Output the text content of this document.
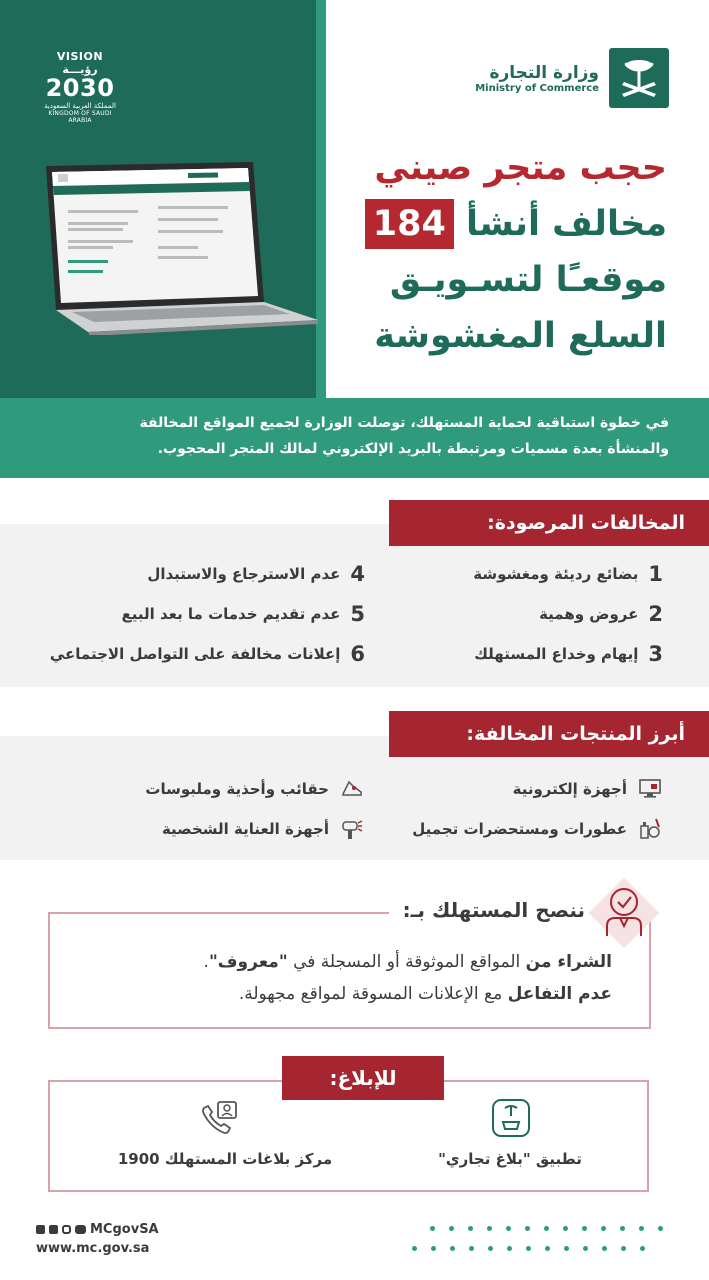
VISION رؤيـــة
2030
المملكة العربية السعودية
KINGDOM OF SAUDI ARABIA
وزارة التجارة
Ministry of Commerce
حجب متجر صيني
مخالف أنشأ 184
موقعـًا لتسـويـق
السلع المغشوشة
في خطوة استباقية لحماية المستهلك، توصلت الوزارة لجميع المواقع المخالفة
والمنشأة بعدة مسميات ومرتبطة بالبريد الإلكتروني لمالك المتجر المحجوب.
المخالفات المرصودة:
1
بضائع رديئة ومغشوشة
2
عروض وهمية
3
إيهام وخداع المستهلك
4
عدم الاسترجاع والاستبدال
5
عدم تقديم خدمات ما بعد البيع
6
إعلانات مخالفة على التواصل الاجتماعي
أبرز المنتجات المخالفة:
أجهزة إلكترونية
عطورات ومستحضرات تجميل
حقائب وأحذية وملبوسات
أجهزة العناية الشخصية
ننصح المستهلك بـ:
الشراء من المواقع الموثوقة أو المسجلة في "معروف".
عدم التفاعل مع الإعلانات المسوقة لمواقع مجهولة.
للإبلاغ:
تطبيق "بلاغ تجاري"
مركز بلاغات المستهلك 1900
MCgovSA
www.mc.gov.sa
